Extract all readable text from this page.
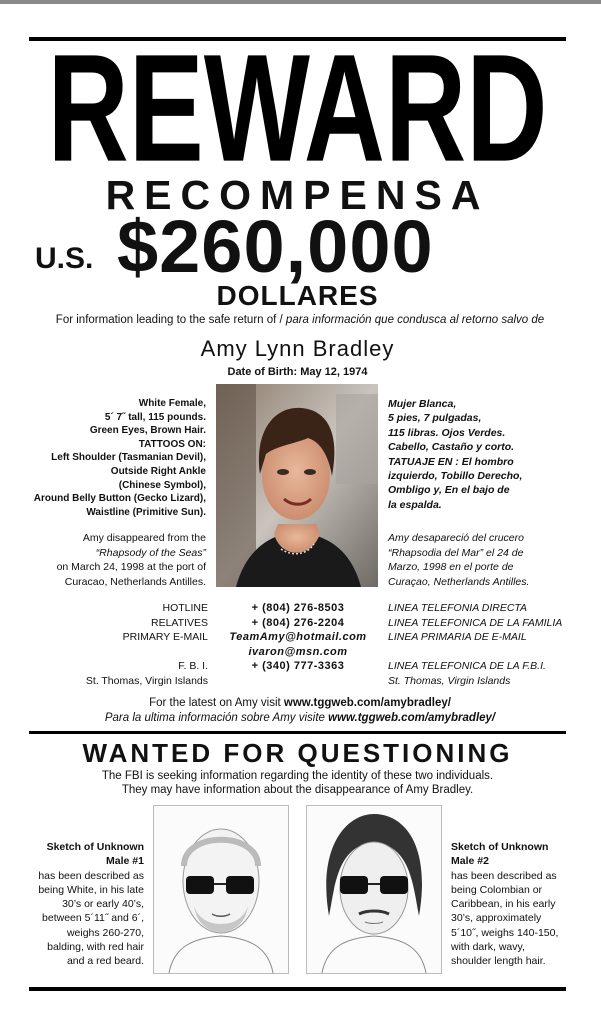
REWARD
RECOMPENSA
U.S. $260,000
DOLLARES
For information leading to the safe return of / para información que conduscа al retorno salvo de
Amy Lynn Bradley
Date of Birth: May 12, 1974
White Female,
5´ 7˝ tall, 115 pounds.
Green Eyes, Brown Hair.
TATTOOS ON:
Left Shoulder (Tasmanian Devil),
Outside Right Ankle
(Chinese Symbol),
Around Belly Button (Gecko Lizard),
Waistline (Primitive Sun).
Mujer Blanca,
5 pies, 7 pulgadas,
115 libras. Ojos Verdes.
Cabello, Castaño y corto.
TATUAJE EN : El hombro
izquierdo, Tobillo Derecho,
Ombligo y, En el bajo de
la espalda.
Amy disappeared from the
“Rhapsody of the Seas”
on March 24, 1998 at the port of
Curacao, Netherlands Antilles.
Amy desapareció del crucero
“Rhapsodia del Mar” el 24 de
Marzo, 1998 en el porte de
Curaçao, Netherlands Antilles.
HOTLINE	+ (804) 276-8503	LINEA TELEFONIA DIRECTA
RELATIVES	+ (804) 276-2204	LINEA TELEFONICA DE LA FAMILIA
PRIMARY E-MAIL	TeamAmy@hotmail.com	LINEA PRIMARIA DE E-MAIL
ivaron@msn.com
F. B. I.	+ (340) 777-3363	LINEA TELEFONICA DE LA F.B.I.
St. Thomas, Virgin Islands	St. Thomas, Virgin Islands
For the latest on Amy visit www.tggweb.com/amybradley/
Para la ultima información sobre Amy visite www.tggweb.com/amybradley/
WANTED FOR QUESTIONING
The FBI is seeking information regarding the identity of these two individuals.
They may have information about the disappearance of Amy Bradley.
Sketch of Unknown
Male #1
has been described as
being White, in his late
30’s or early 40’s,
between 5´11˝ and 6´,
weighs 260-270,
balding, with red hair
and a red beard.
Sketch of Unknown
Male #2
has been described as
being Colombian or
Caribbean, in his early
30’s, approximately
5´10˝, weighs 140-150,
with dark, wavy,
shoulder length hair.
